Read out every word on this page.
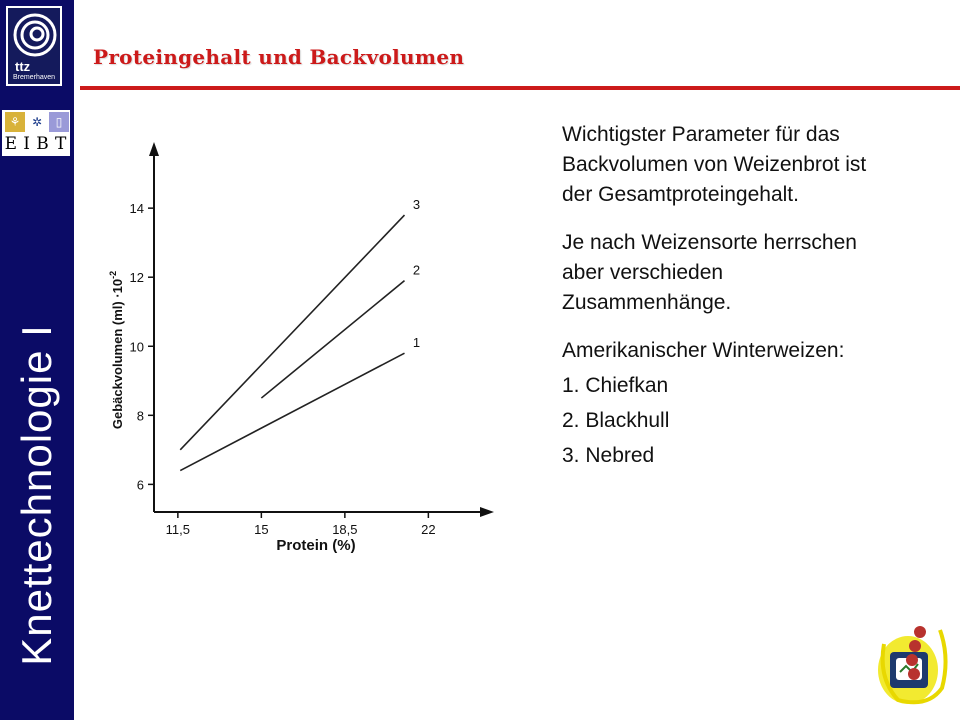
ttz
Bremerhaven
⚘ ✲	▯
E I B T
Knettechnologie I
Proteingehalt und Backvolumen
11,5	15	18,5	22
6
8
10
12
14
1
2
3
Protein (%)
Gebäckvolumen $(ml) \cdot 10^{-2}$
Wichtigster Parameter für das
Backvolumen von Weizenbrot ist
der Gesamtproteingehalt.
Je nach Weizensorte herrschen
aber verschieden
Zusammenhänge.
Amerikanischer Winterweizen:
1. Chiefkan
2. Blackhull
3. Nebred
